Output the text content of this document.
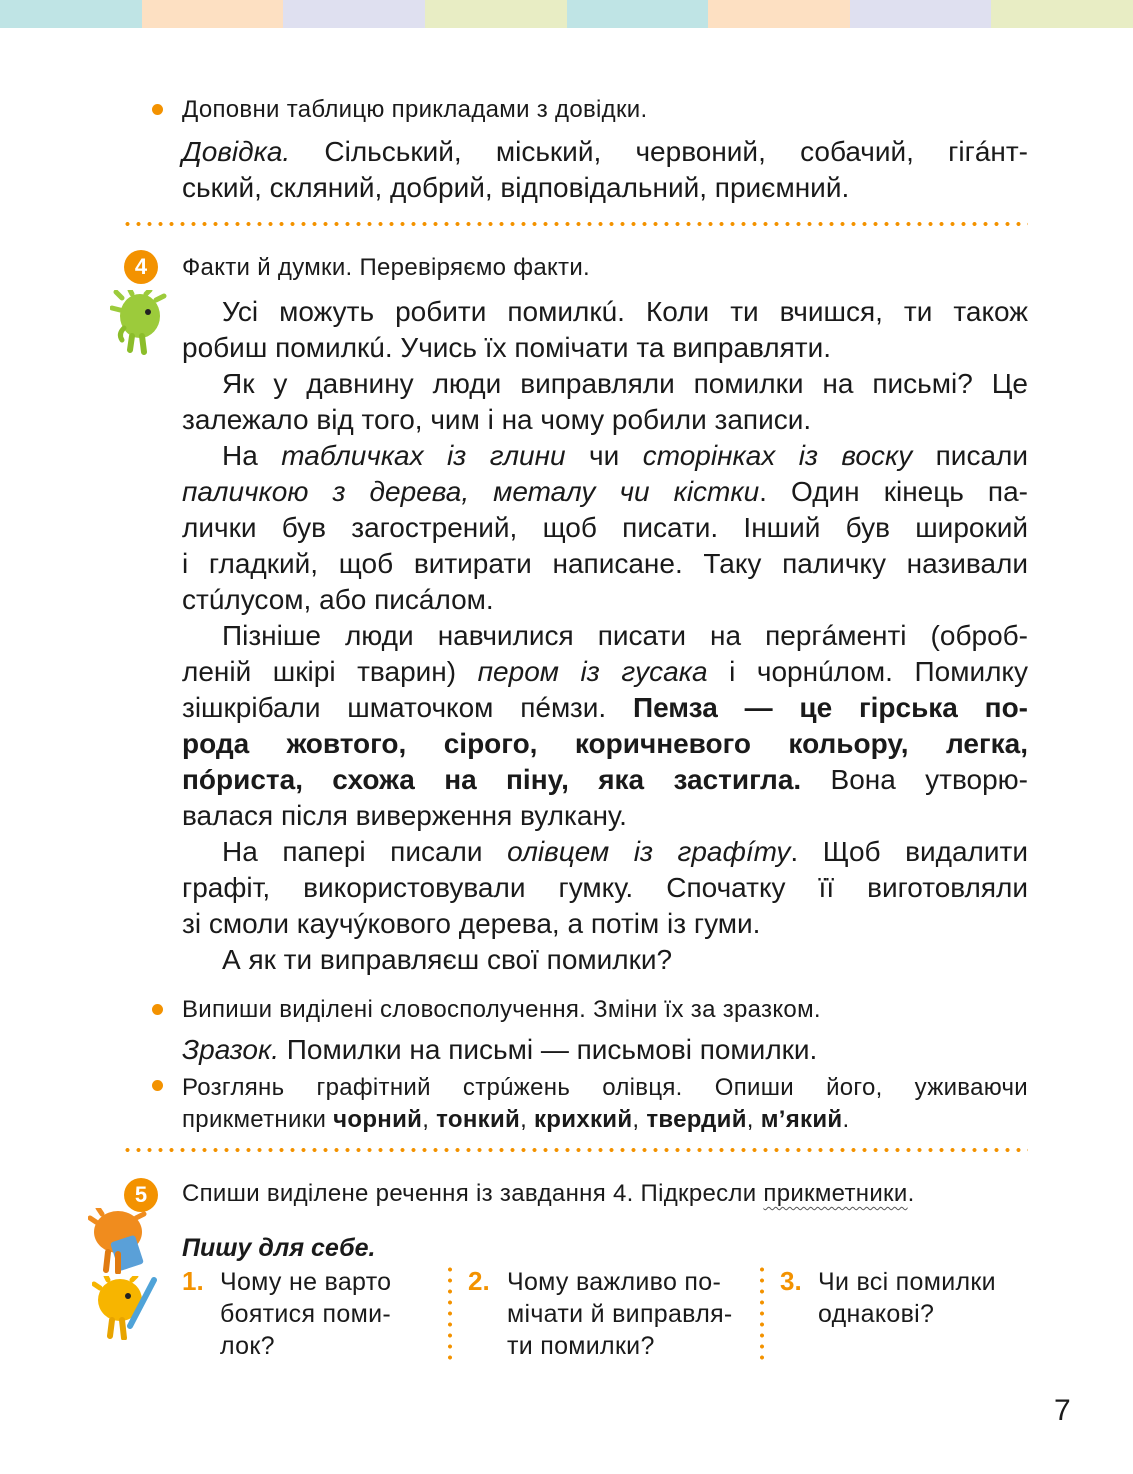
Доповни таблицю прикладами з довідки.
Довідка. Сільський, міський, червоний, собачий, гігáнт-
ський, скляний, добрий, відповідальний, приємний.
4	Факти й думки. Перевіряємо факти.
Усі можуть робити помилкú. Коли ти вчишся, ти також
робиш помилкú. Учись їх помічати та виправляти.
Як у давнину люди виправляли помилки на письмі? Це
залежало від того, чим і на чому робили записи.
На табличках із глини чи сторінках із воску писали
паличкою з дерева, металу чи кістки. Один кінець па-
лички був загострений, щоб писати. Інший був широкий
і гладкий, щоб витирати написане. Таку паличку називали
стúлусом, або писáлом.
Пізніше люди навчилися писати на пергáменті (оброб-
леній шкірі тварин) пером із гусака і чорнúлом. Помилку
зішкрібали шматочком пéмзи. Пемза — це гірська по-
рода жовтого, сірого, коричневого кольору, легка,
пóриста, схожа на піну, яка застигла. Вона утворю-
валася після виверження вулкану.
На папері писали олівцем із графíту. Щоб видалити
графіт, використовували гумку. Спочатку її виготовляли
зі смоли каучýкового дерева, а потім із гуми.
А як ти виправляєш свої помилки?
Випиши виділені словосполучення. Зміни їх за зразком.
Зразок. Помилки на письмі — письмові помилки.
Розглянь графітний стрúжень олівця. Опиши його, уживаючи
прикметники чорний, тонкий, крихкий, твердий, м’який.
5	Спиши виділене речення із завдання 4. Підкресли прикметники.
Пишу для себе.
1. Чому не варто
боятися поми-
лок?
2. Чому важливо по-
мічати й виправля-
ти помилки?
3. Чи всі помилки
однакові?
7
